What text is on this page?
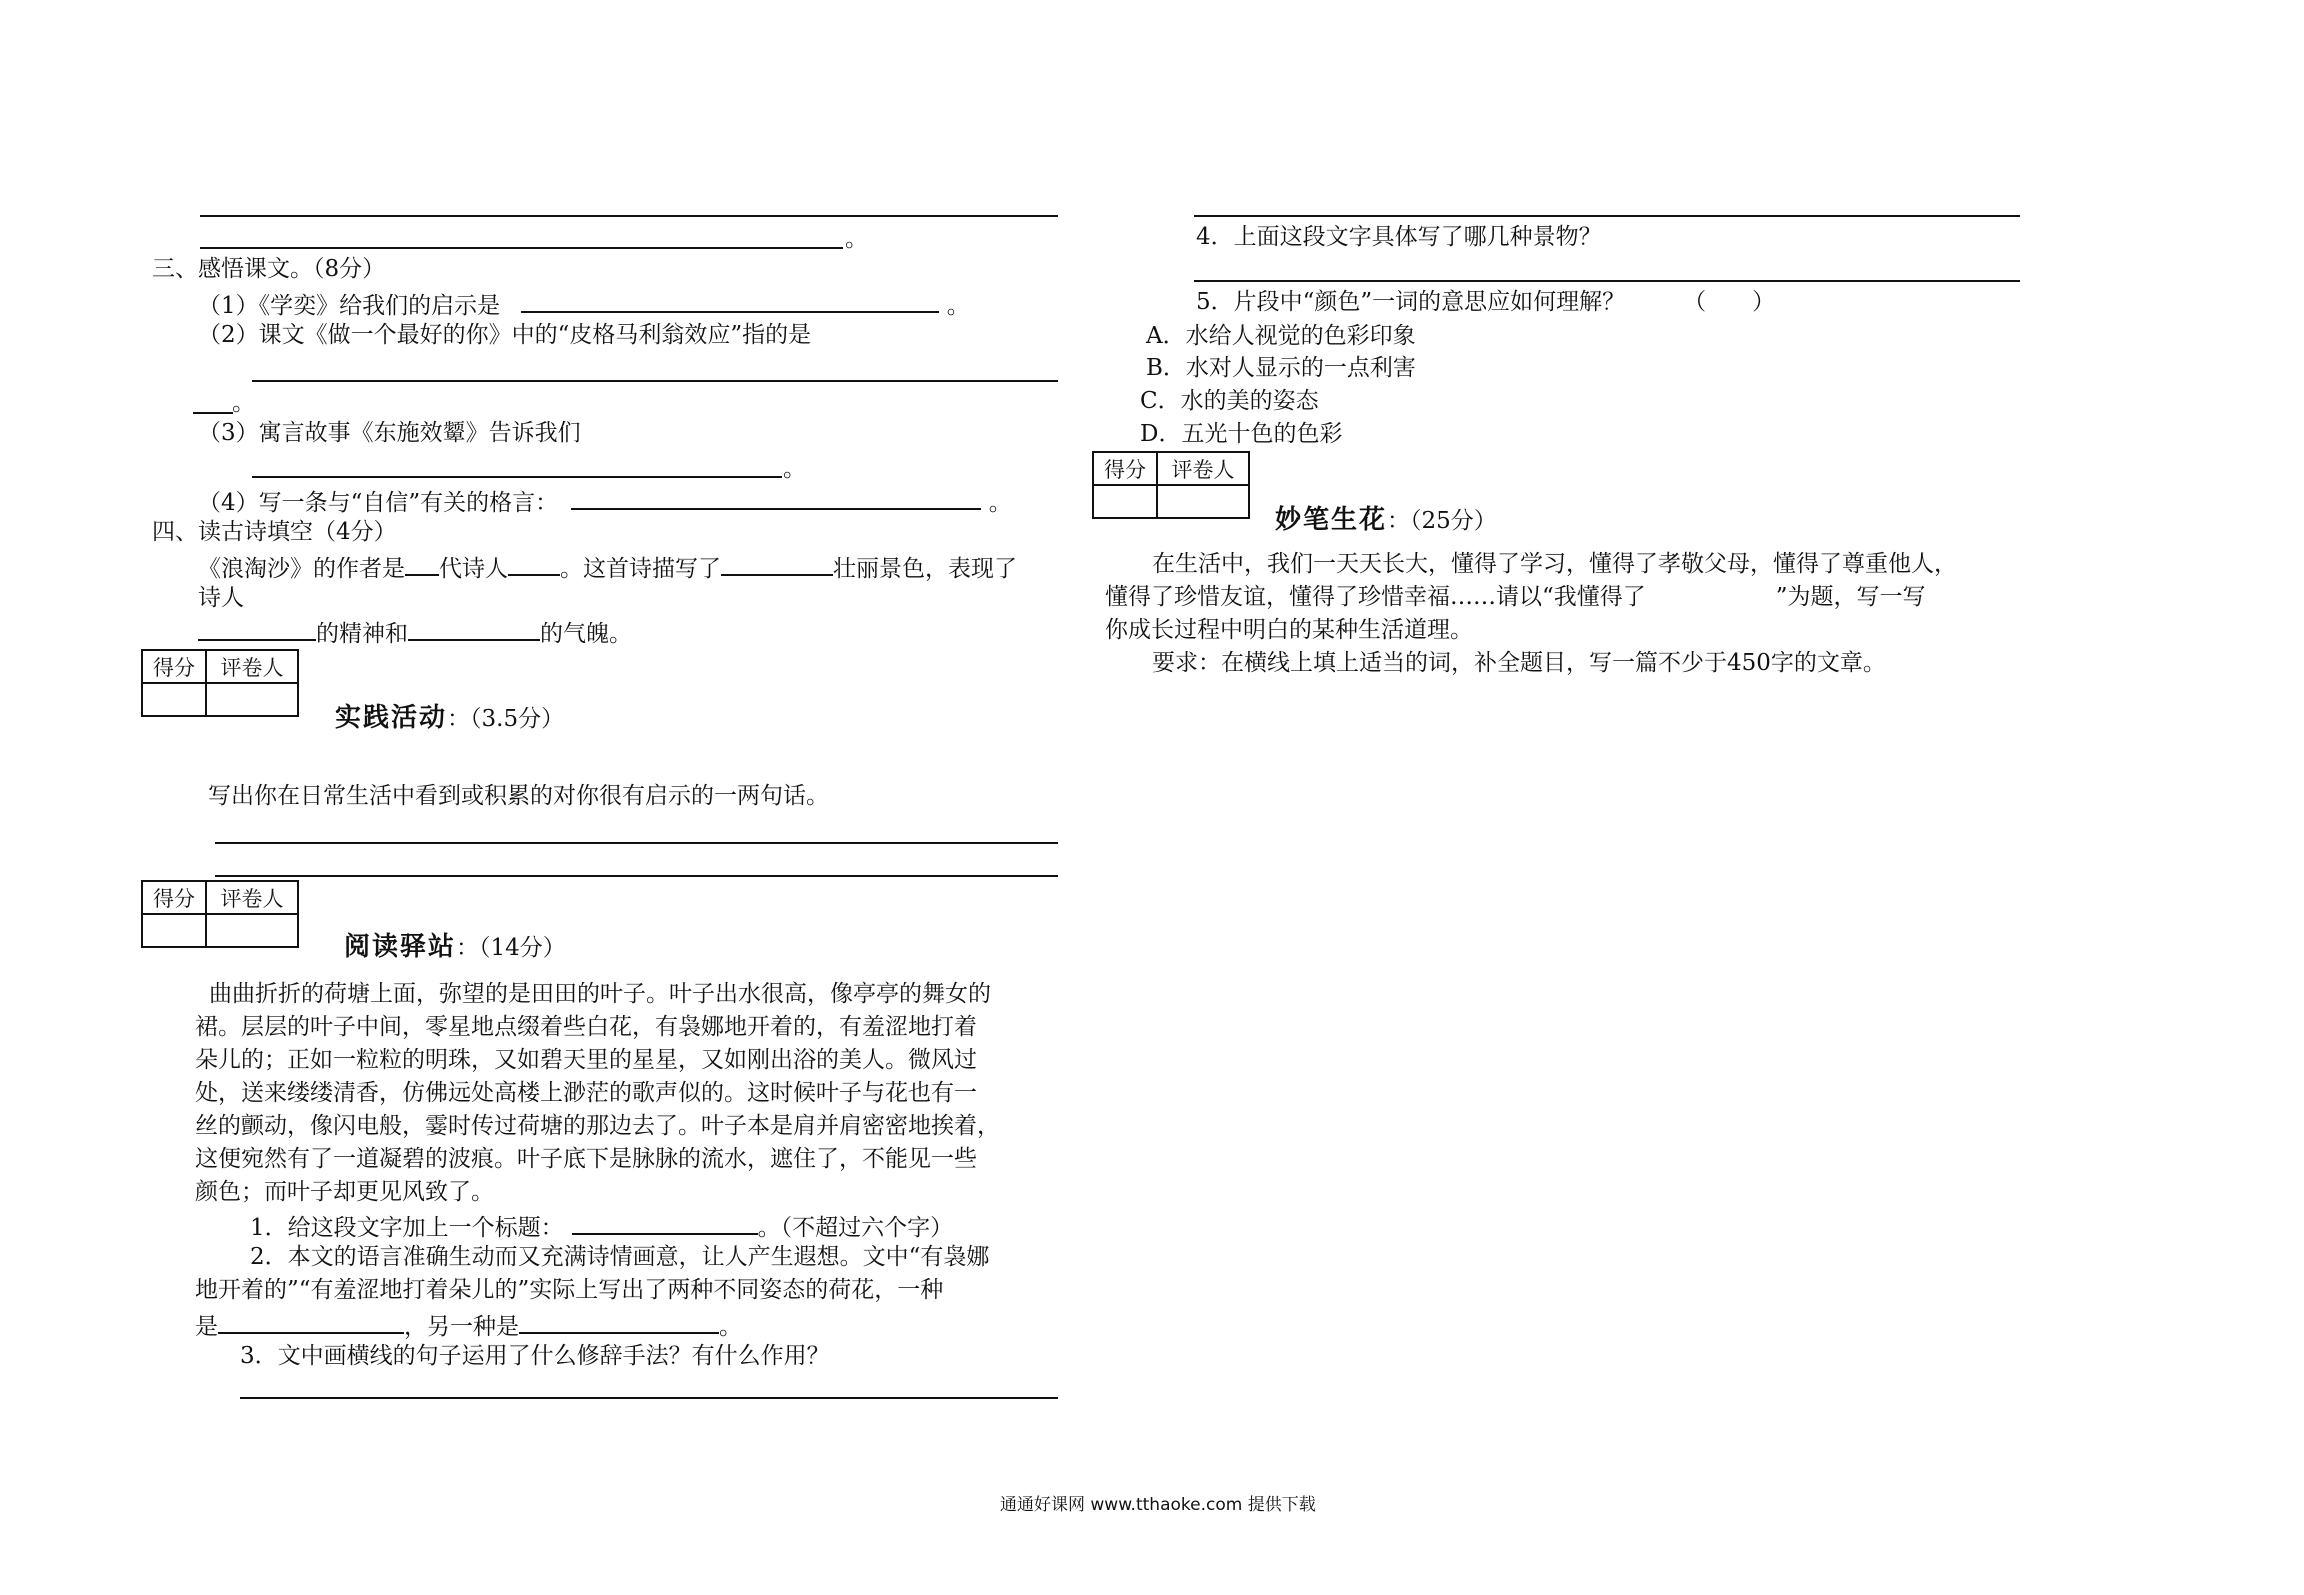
。
三、感悟课文。（8分）
（1）《学奕》给我们的启示是	。
（2）课文《做一个最好的你》中的“皮格马利翁效应”指的是
。
（3）寓言故事《东施效颦》告诉我们
。
（4）写一条与“自信”有关的格言：	。
四、读古诗填空（4分）
《浪淘沙》的作者是 代诗人 。这首诗描写了	壮丽景色，表现了
诗人
的精神和	的气魄。
得分	评卷人

实践活动：（3.5分）
写出你在日常生活中看到或积累的对你很有启示的一两句话。
得分	评卷人

阅读驿站：（14分）
曲曲折折的荷塘上面，弥望的是田田的叶子。叶子出水很高，像亭亭的舞女的
裙。层层的叶子中间，零星地点缀着些白花，有袅娜地开着的，有羞涩地打着
朵儿的；正如一粒粒的明珠，又如碧天里的星星，又如刚出浴的美人。微风过
处，送来缕缕清香，仿佛远处高楼上渺茫的歌声似的。这时候叶子与花也有一
丝的颤动，像闪电般，霎时传过荷塘的那边去了。叶子本是肩并肩密密地挨着，
这便宛然有了一道凝碧的波痕。叶子底下是脉脉的流水，遮住了，不能见一些
颜色；而叶子却更见风致了。
1．给这段文字加上一个标题：	。（不超过六个字）
2．本文的语言准确生动而又充满诗情画意，让人产生遐想。文中“有袅娜
地开着的”“有羞涩地打着朵儿的”实际上写出了两种不同姿态的荷花，一种
是	，另一种是	。
3．文中画横线的句子运用了什么修辞手法？有什么作用？
4．上面这段文字具体写了哪几种景物？
5．片段中“颜色”一词的意思应如何理解？	（　　）
A．水给人视觉的色彩印象
B．水对人显示的一点利害
C．水的美的姿态
D．五光十色的色彩
得分	评卷人

妙笔生花：（25分）
在生活中，我们一天天长大，懂得了学习，懂得了孝敬父母，懂得了尊重他人，
懂得了珍惜友谊，懂得了珍惜幸福……请以“我懂得了	”为题，写一写
你成长过程中明白的某种生活道理。
要求：在横线上填上适当的词，补全题目，写一篇不少于450字的文章。
通通好课网 www.tthaoke.com 提供下载
